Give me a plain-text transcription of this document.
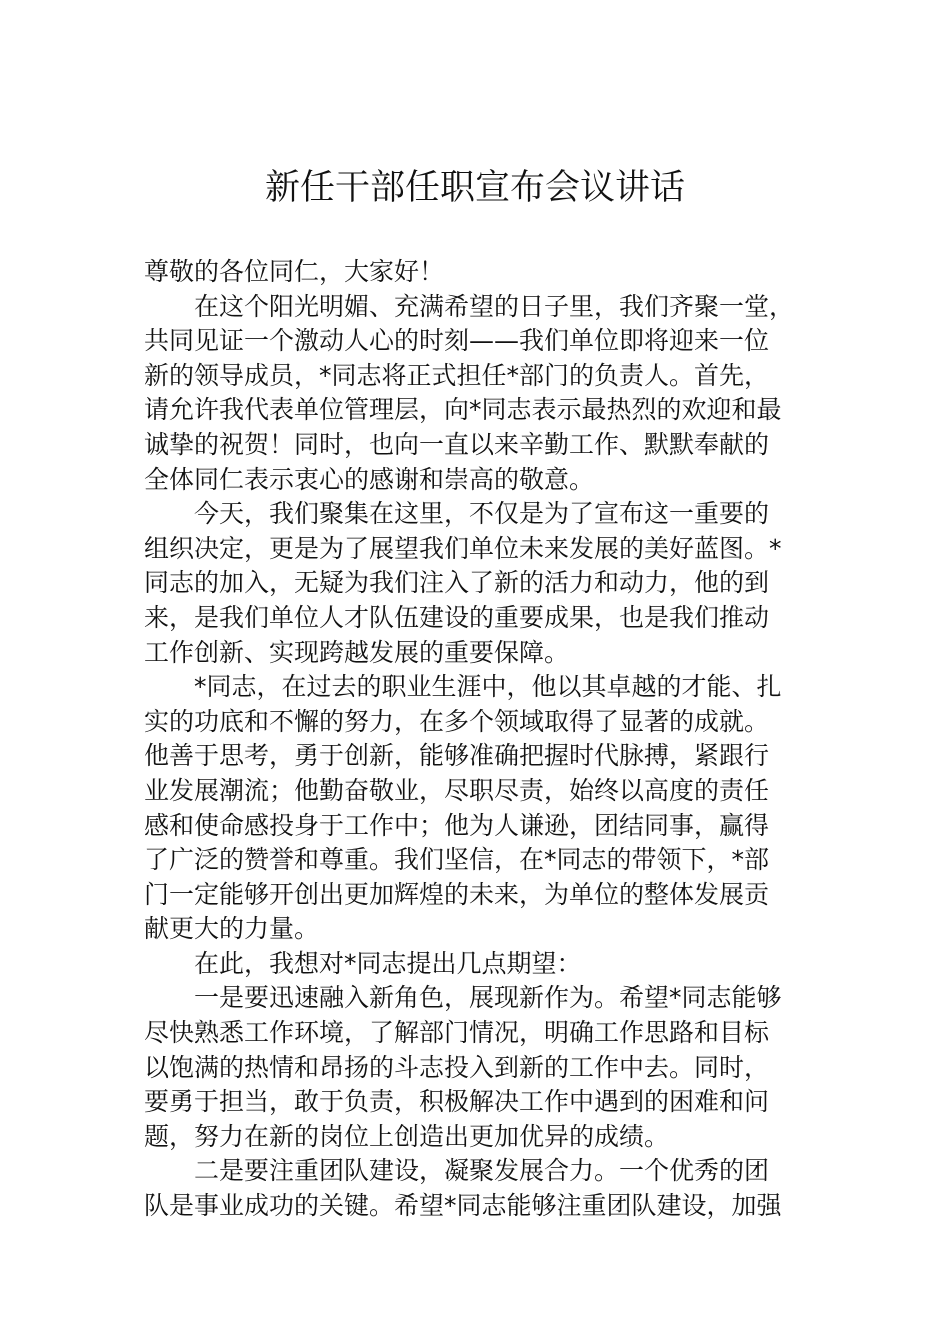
新任干部任职宣布会议讲话

尊敬的各位同仁，大家好！

在这个阳光明媚、充满希望的日子里，我们齐聚一堂，

共同见证一个激动人心的时刻——我们单位即将迎来一位

新的领导成员，*同志将正式担任*部门的负责人。首先，

请允许我代表单位管理层，向*同志表示最热烈的欢迎和最

诚挚的祝贺！同时，也向一直以来辛勤工作、默默奉献的

全体同仁表示衷心的感谢和崇高的敬意。

今天，我们聚集在这里，不仅是为了宣布这一重要的

组织决定，更是为了展望我们单位未来发展的美好蓝图。*

同志的加入，无疑为我们注入了新的活力和动力，他的到

来，是我们单位人才队伍建设的重要成果，也是我们推动

工作创新、实现跨越发展的重要保障。

*同志，在过去的职业生涯中，他以其卓越的才能、扎

实的功底和不懈的努力，在多个领域取得了显著的成就。

他善于思考，勇于创新，能够准确把握时代脉搏，紧跟行

业发展潮流；他勤奋敬业，尽职尽责，始终以高度的责任

感和使命感投身于工作中；他为人谦逊，团结同事，赢得

了广泛的赞誉和尊重。我们坚信，在*同志的带领下，*部

门一定能够开创出更加辉煌的未来，为单位的整体发展贡

献更大的力量。

在此，我想对*同志提出几点期望：

一是要迅速融入新角色，展现新作为。希望*同志能够

尽快熟悉工作环境，了解部门情况，明确工作思路和目标

以饱满的热情和昂扬的斗志投入到新的工作中去。同时，

要勇于担当，敢于负责，积极解决工作中遇到的困难和问

题，努力在新的岗位上创造出更加优异的成绩。

二是要注重团队建设，凝聚发展合力。一个优秀的团

队是事业成功的关键。希望*同志能够注重团队建设，加强
